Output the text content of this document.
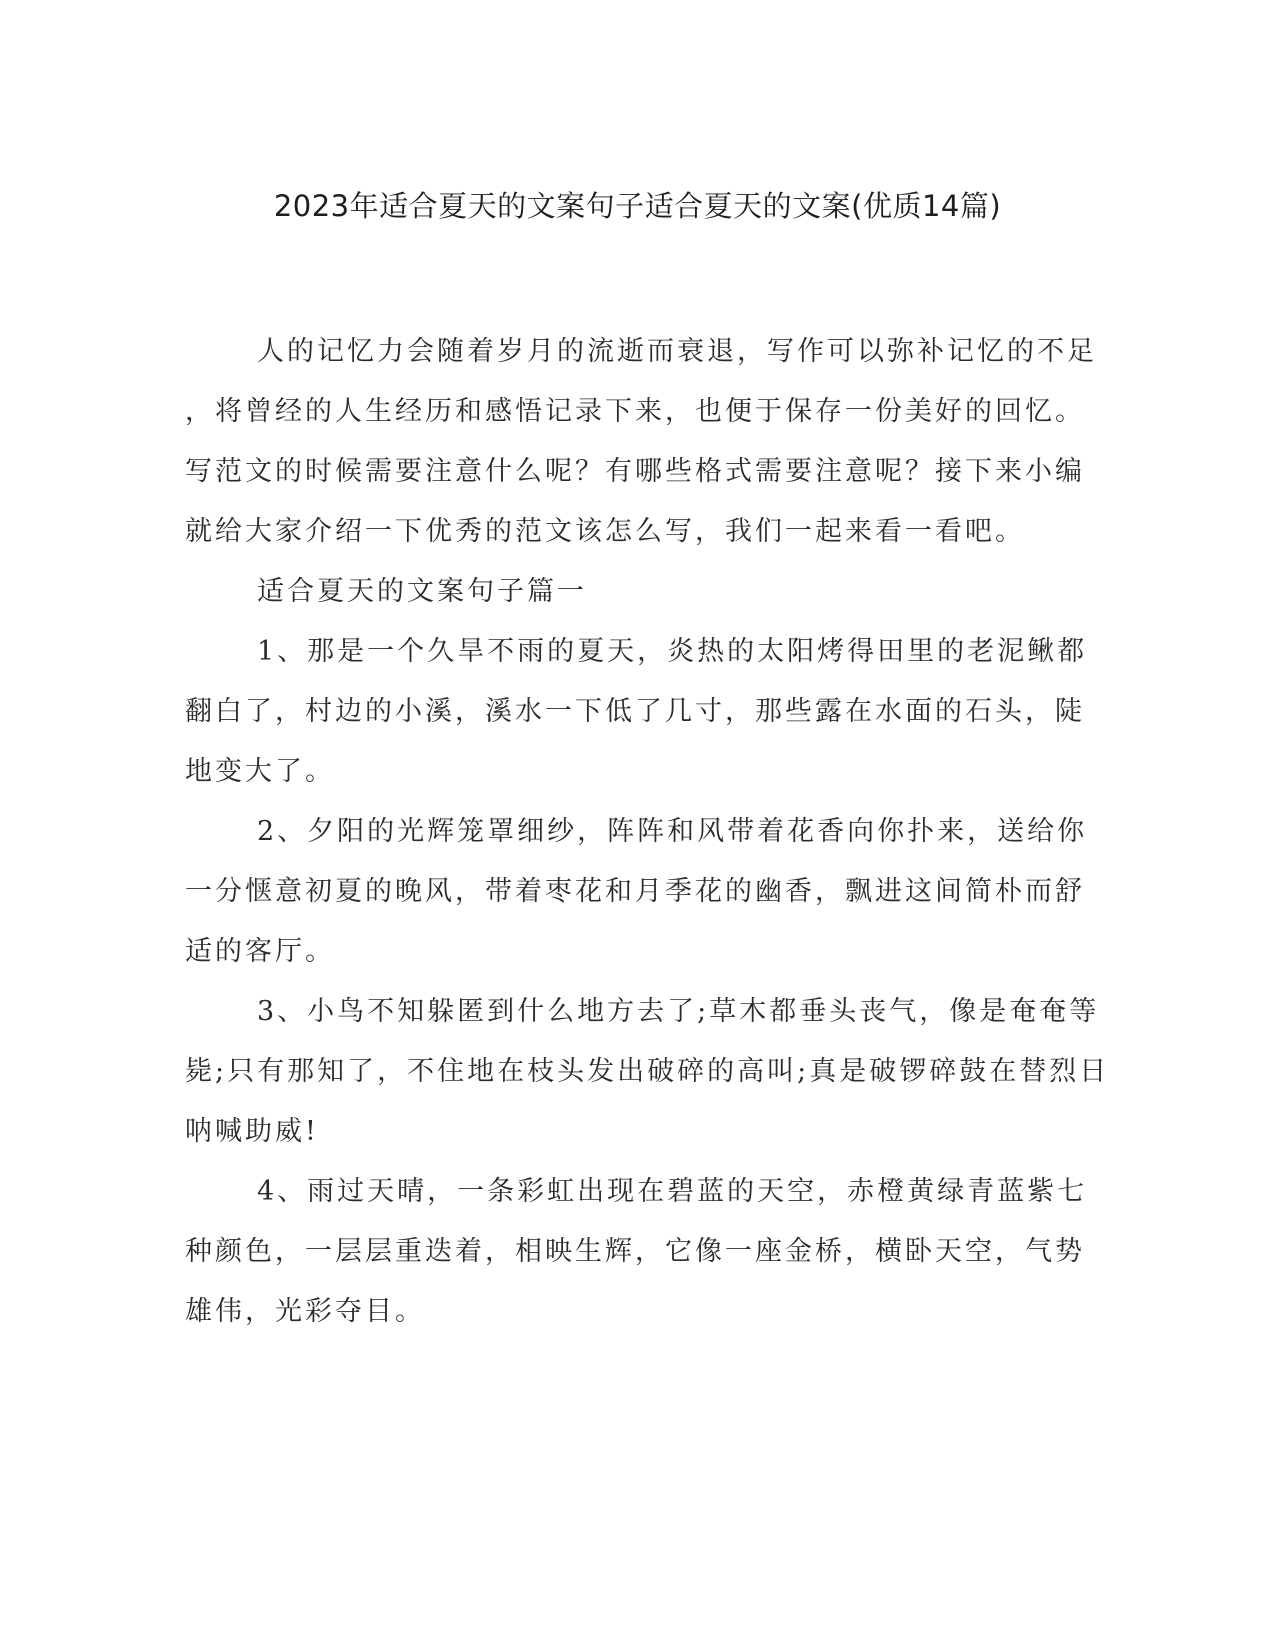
2023年适合夏天的文案句子适合夏天的文案(优质14篇)
人的记忆力会随着岁月的流逝而衰退，写作可以弥补记忆的不足
，将曾经的人生经历和感悟记录下来，也便于保存一份美好的回忆。
写范文的时候需要注意什么呢？有哪些格式需要注意呢？接下来小编
就给大家介绍一下优秀的范文该怎么写，我们一起来看一看吧。
适合夏天的文案句子篇一
1、那是一个久旱不雨的夏天，炎热的太阳烤得田里的老泥鳅都
翻白了，村边的小溪，溪水一下低了几寸，那些露在水面的石头，陡
地变大了。
2、夕阳的光辉笼罩细纱，阵阵和风带着花香向你扑来，送给你
一分惬意初夏的晚风，带着枣花和月季花的幽香，飘进这间简朴而舒
适的客厅。
3、小鸟不知躲匿到什么地方去了;草木都垂头丧气，像是奄奄等
毙;只有那知了，不住地在枝头发出破碎的高叫;真是破锣碎鼓在替烈日
呐喊助威!
4、雨过天晴，一条彩虹出现在碧蓝的天空，赤橙黄绿青蓝紫七
种颜色，一层层重迭着，相映生辉，它像一座金桥，横卧天空，气势
雄伟，光彩夺目。
